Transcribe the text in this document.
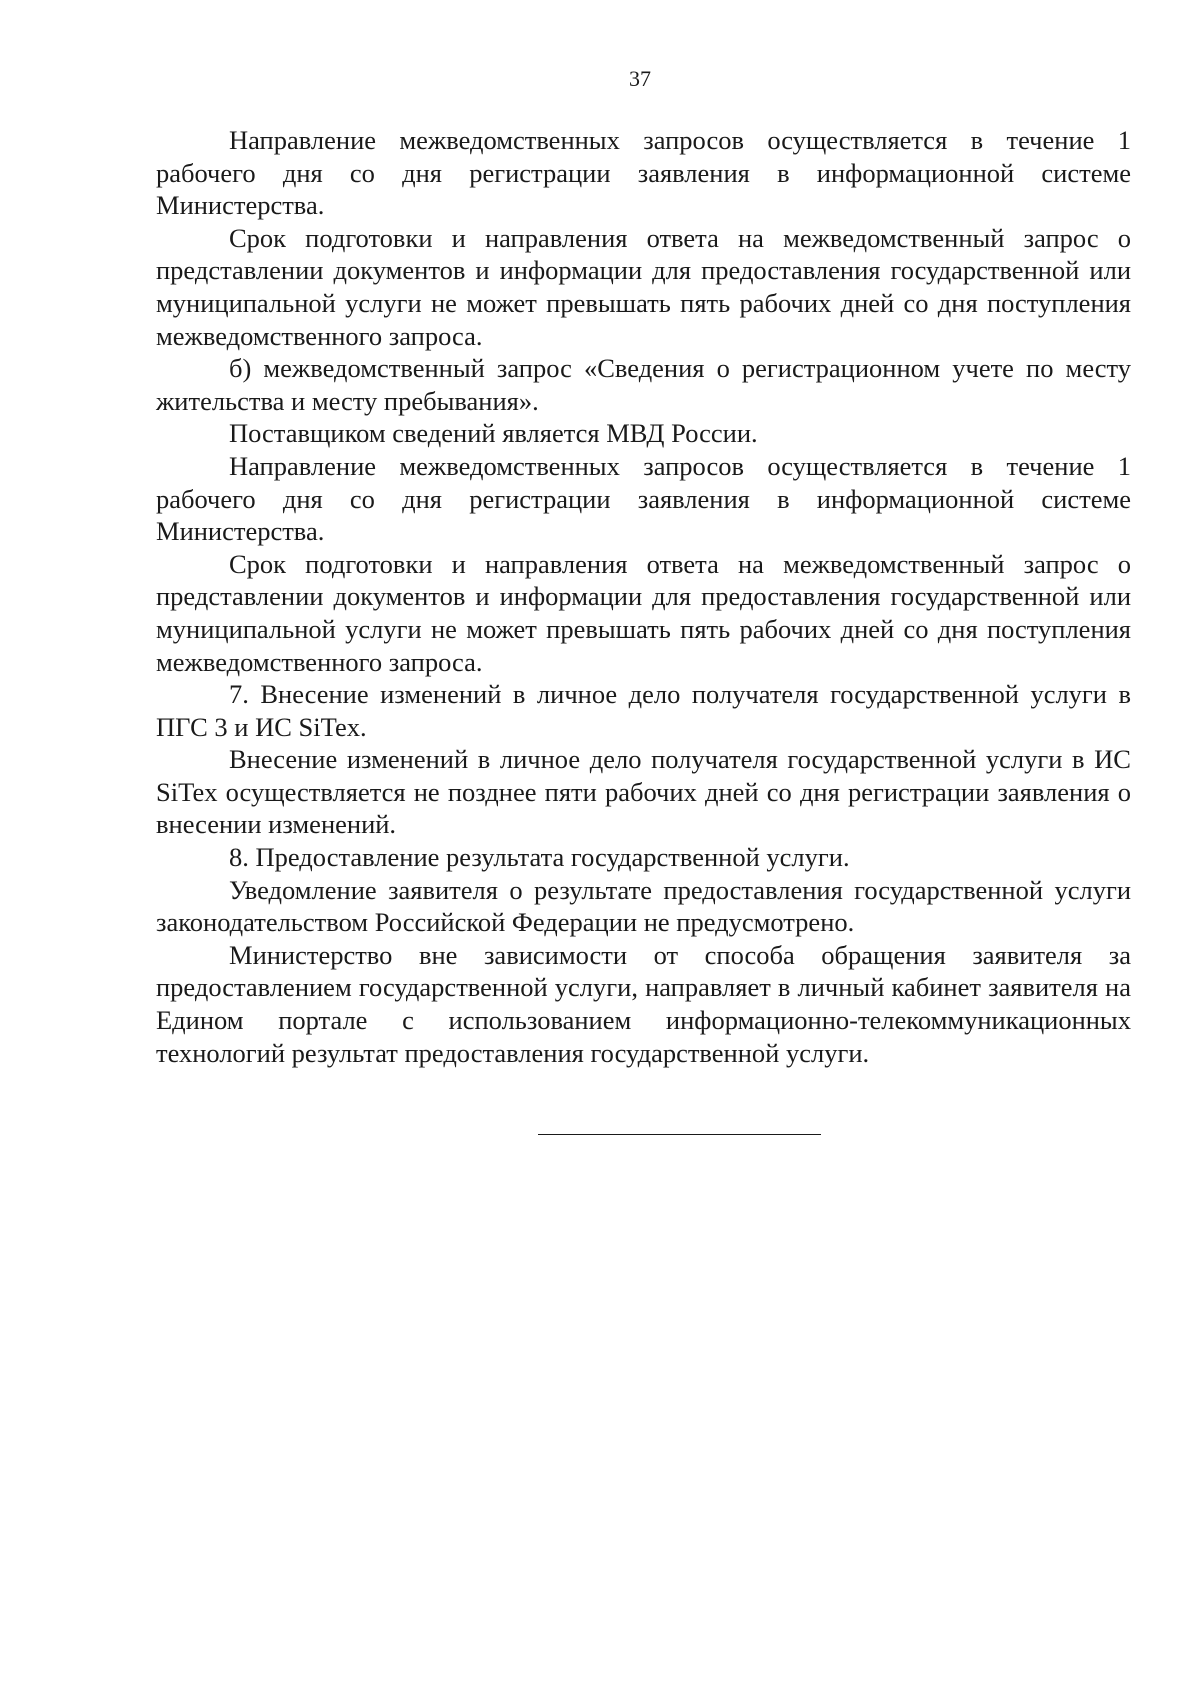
37

Направление межведомственных запросов осуществляется в течение 1 рабочего дня со дня регистрации заявления в информационной системе Министерства.

Срок подготовки и направления ответа на межведомственный запрос о представлении документов и информации для предоставления государственной или муниципальной услуги не может превышать пять рабочих дней со дня поступления межведомственного запроса.

б) межведомственный запрос «Сведения о регистрационном учете по месту жительства и месту пребывания».

Поставщиком сведений является МВД России.

Направление межведомственных запросов осуществляется в течение 1 рабочего дня со дня регистрации заявления в информационной системе Министерства.

Срок подготовки и направления ответа на межведомственный запрос о представлении документов и информации для предоставления государственной или муниципальной услуги не может превышать пять рабочих дней со дня поступления межведомственного запроса.

7. Внесение изменений в личное дело получателя государственной услуги в ПГС 3 и ИС SiTex.

Внесение изменений в личное дело получателя государственной услуги в ИС SiTex осуществляется не позднее пяти рабочих дней со дня регистрации заявления о внесении изменений.

8. Предоставление результата государственной услуги.

Уведомление заявителя о результате предоставления государственной услуги законодательством Российской Федерации не предусмотрено.

Министерство вне зависимости от способа обращения заявителя за предоставлением государственной услуги, направляет в личный кабинет заявителя на Едином портале с использованием информационно-телекоммуникационных технологий результат предоставления государственной услуги.
